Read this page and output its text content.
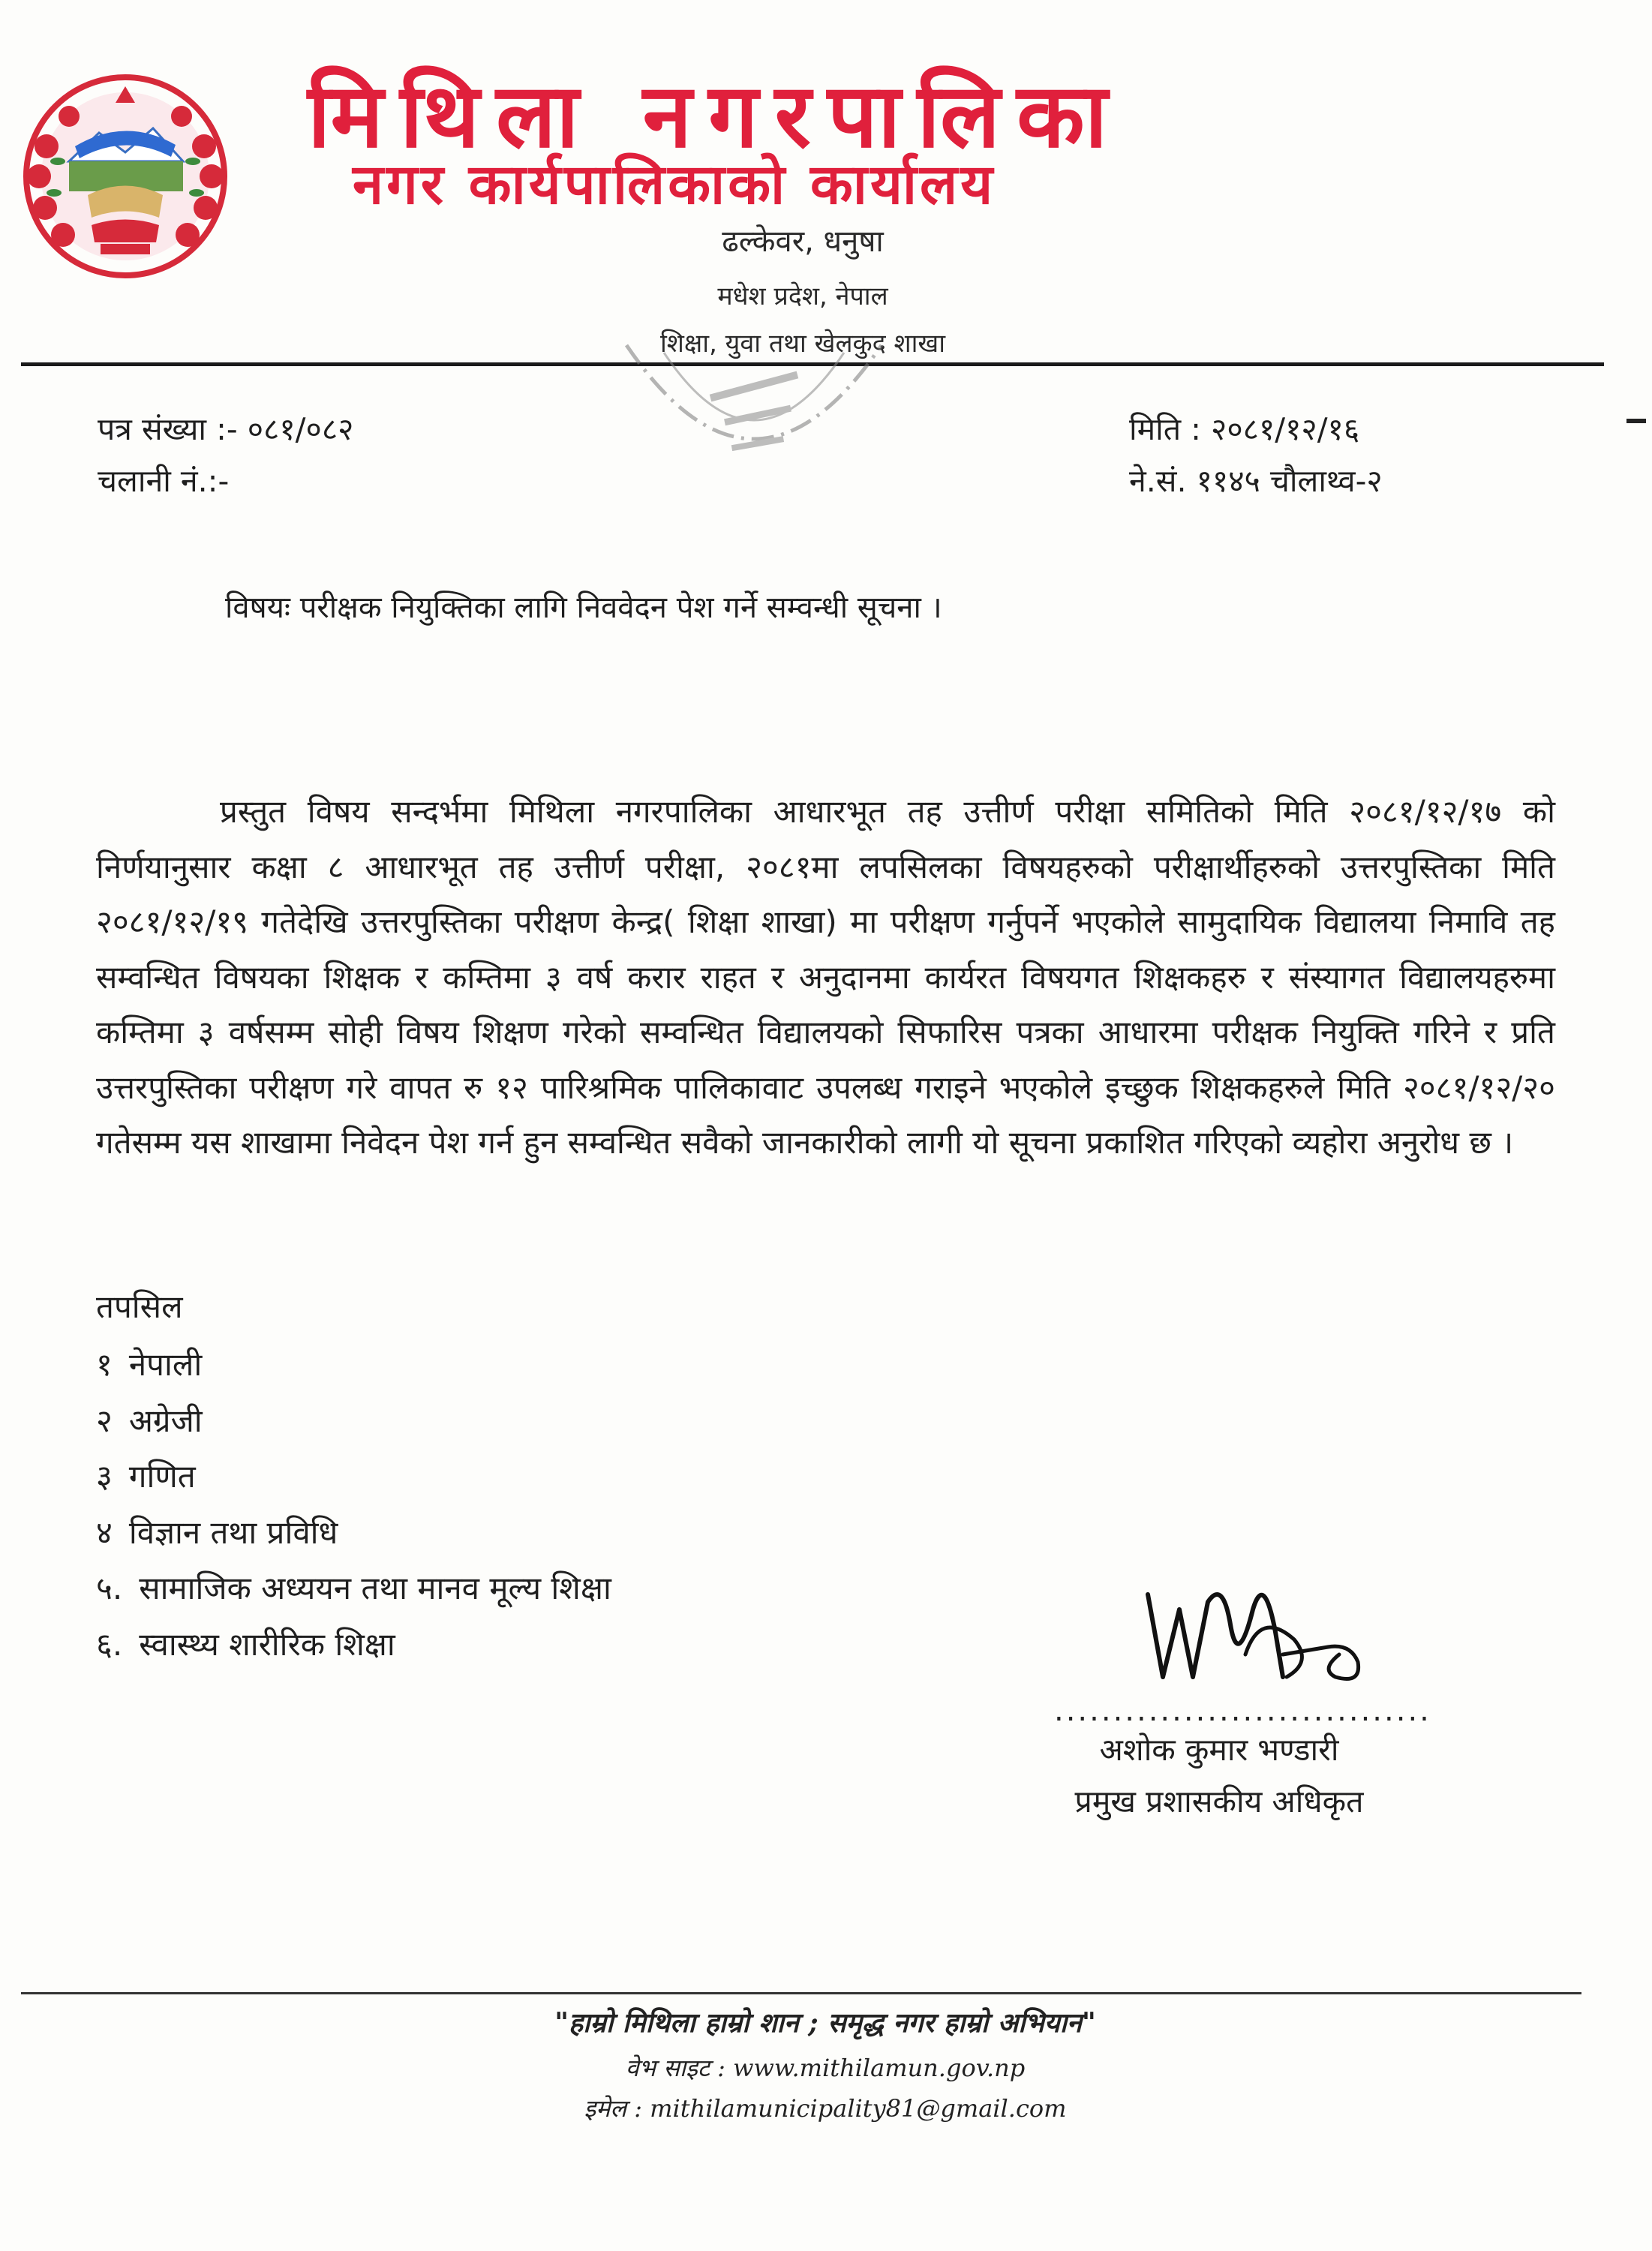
मिथिला नगरपालिका
नगर कार्यपालिकाको कार्यालय
ढल्केवर, धनुषा
मधेश प्रदेश, नेपाल
शिक्षा, युवा तथा खेलकुद शाखा
पत्र संख्या :- ०८१/०८२
चलानी नं.:-
मिति : २०८१/१२/१६
ने.सं. ११४५ चौलाथ्व-२
विषयः परीक्षक नियुक्तिका लागि निववेदन पेश गर्ने सम्वन्धी सूचना ।

प्रस्तुत विषय सन्दर्भमा मिथिला नगरपालिका आधारभूत तह उत्तीर्ण परीक्षा समितिको मिति २०८१/१२/१७ को निर्णयानुसार कक्षा ८ आधारभूत तह उत्तीर्ण परीक्षा, २०८१मा लपसिलका विषयहरुको परीक्षार्थीहरुको उत्तरपुस्तिका मिति २०८१/१२/१९ गतेदेखि उत्तरपुस्तिका परीक्षण केन्द्र( शिक्षा शाखा) मा परीक्षण गर्नुपर्ने भएकोले सामुदायिक विद्यालया निमावि तह सम्वन्धित विषयका शिक्षक र कम्तिमा ३ वर्ष करार राहत र अनुदानमा कार्यरत विषयगत शिक्षकहरु र संस्यागत विद्यालयहरुमा कम्तिमा ३ वर्षसम्म सोही विषय शिक्षण गरेको सम्वन्धित विद्यालयको सिफारिस पत्रका आधारमा परीक्षक नियुक्ति गरिने र प्रति उत्तरपुस्तिका परीक्षण गरे वापत रु १२ पारिश्रमिक पालिकावाट उपलब्ध गराइने भएकोले इच्छुक शिक्षकहरुले मिति २०८१/१२/२० गतेसम्म यस शाखामा निवेदन पेश गर्न हुन सम्वन्धित सवैको जानकारीको लागी यो सूचना प्रकाशित गरिएको व्यहोरा अनुरोध छ ।

तपसिल
१ नेपाली
२ अग्रेजी
३ गणित
४ विज्ञान तथा प्रविधि
५. सामाजिक अध्ययन तथा मानव मूल्य शिक्षा
६. स्वास्थ्य शारीरिक शिक्षा
................................
अशोक कुमार भण्डारी
प्रमुख प्रशासकीय अधिकृत
"हाम्रो मिथिला हाम्रो शान ; समृद्ध नगर हाम्रो अभियान"
वेभ साइट : www.mithilamun.gov.np
इमेल : mithilamunicipality81@gmail.com
